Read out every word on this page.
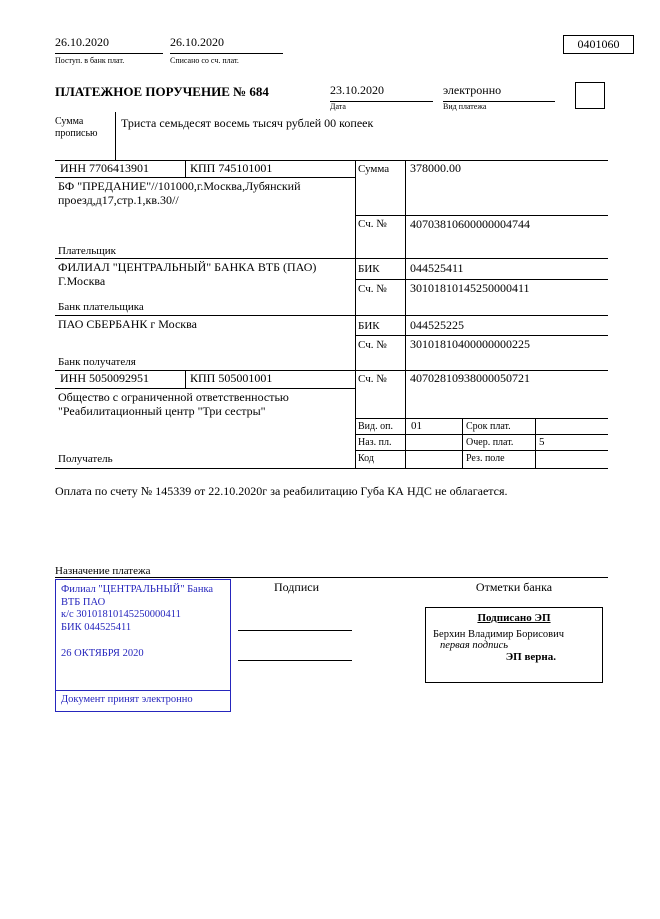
26.10.2020
Поступ. в банк плат.
26.10.2020
Списано со сч. плат.
0401060
ПЛАТЕЖНОЕ ПОРУЧЕНИЕ № 684	23.10.2020
Дата
электронно
Вид платежа
Сумма
прописью
Триста семьдесят восемь тысяч рублей 00 копеек
ИНН 7706413901	КПП 745101001	Сумма 378000.00
БФ "ПРЕДАНИЕ"//101000,г.Москва,Лубянский проезд,д17,стр.1,кв.30//
Сч. № 40703810600000004744
Плательщик
ФИЛИАЛ "ЦЕНТРАЛЬНЫЙ" БАНКА ВТБ (ПАО) Г.Москва
БИК	044525411
Сч. № 30101810145250000411
Банк плательщика
ПАО СБЕРБАНК г Москва	БИК	044525225
Сч. № 30101810400000000225
Банк получателя
ИНН 5050092951	КПП 505001001	Сч. № 40702810938000050721
Общество с ограниченной ответственностью "Реабилитационный центр "Три сестры"
Вид. оп. 01	Срок плат.
Наз. пл.	Очер. плат. 5
Код	Рез. поле
Получатель
Оплата по счету № 145339 от 22.10.2020г за реабилитацию Губа КА НДС не облагается.
Назначение платежа
Подписи	Отметки банка
Филиал "ЦЕНТРАЛЬНЫЙ" Банка ВТБ ПАО
к/с 30101810145250000411
БИК 044525411
26 ОКТЯБРЯ 2020
Документ принят электронно
Подписано ЭП
Берхин Владимир Борисович
первая подпись
ЭП верна.
